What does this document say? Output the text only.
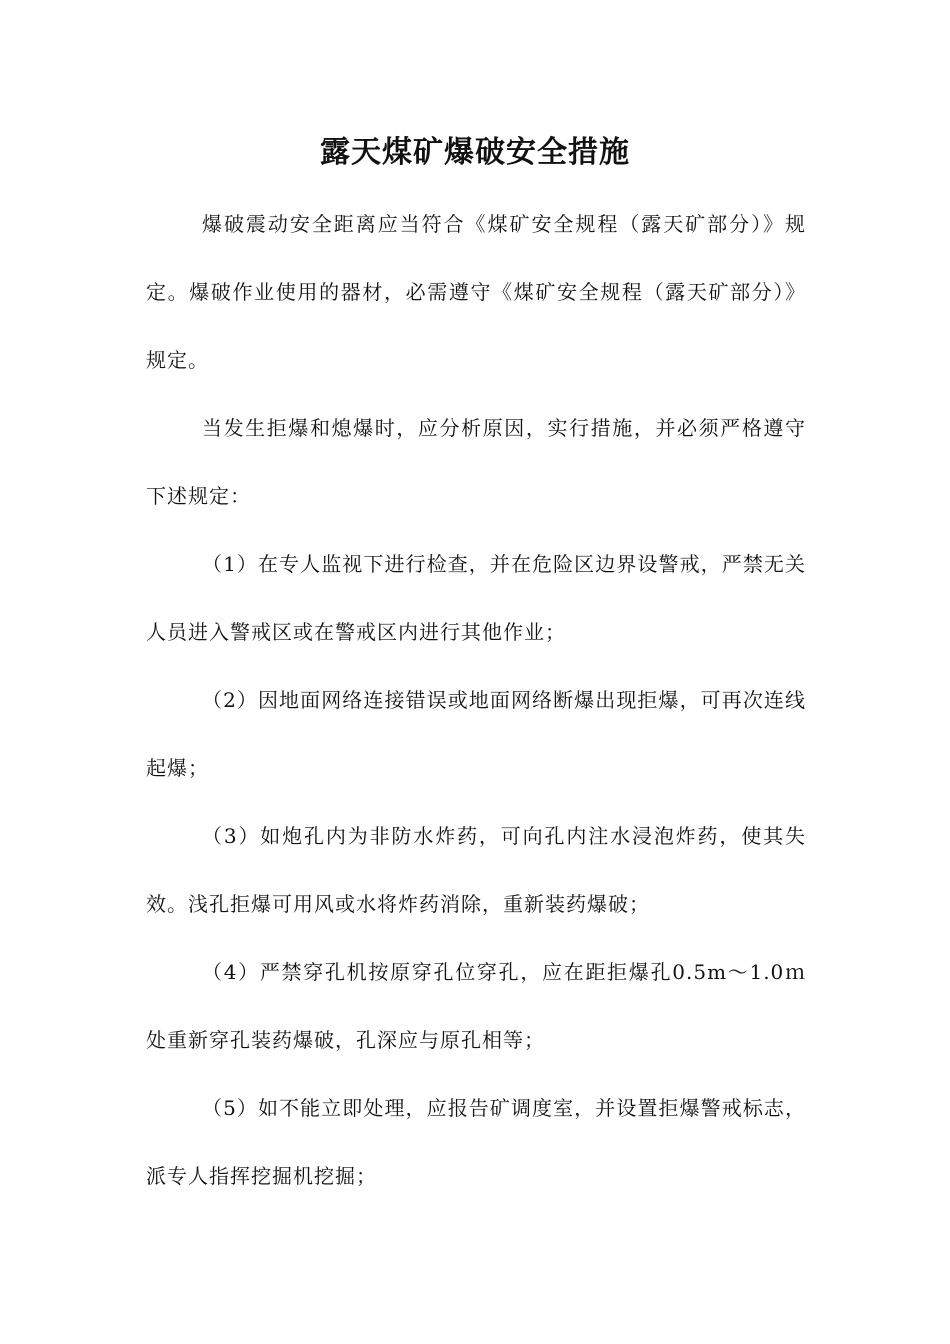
露天煤矿爆破安全措施

爆破震动安全距离应当符合《煤矿安全规程（露天矿部分）》规定。爆破作业使用的器材，必需遵守《煤矿安全规程（露天矿部分）》规定。

当发生拒爆和熄爆时，应分析原因，实行措施，并必须严格遵守下述规定：

（1）在专人监视下进行检查，并在危险区边界设警戒，严禁无关人员进入警戒区或在警戒区内进行其他作业；

（2）因地面网络连接错误或地面网络断爆出现拒爆，可再次连线起爆；

（3）如炮孔内为非防水炸药，可向孔内注水浸泡炸药，使其失效。浅孔拒爆可用风或水将炸药消除，重新装药爆破；

（4）严禁穿孔机按原穿孔位穿孔，应在距拒爆孔0.5m～1.0ｍ处重新穿孔装药爆破，孔深应与原孔相等；

（5）如不能立即处理，应报告矿调度室，并设置拒爆警戒标志，派专人指挥挖掘机挖掘；
